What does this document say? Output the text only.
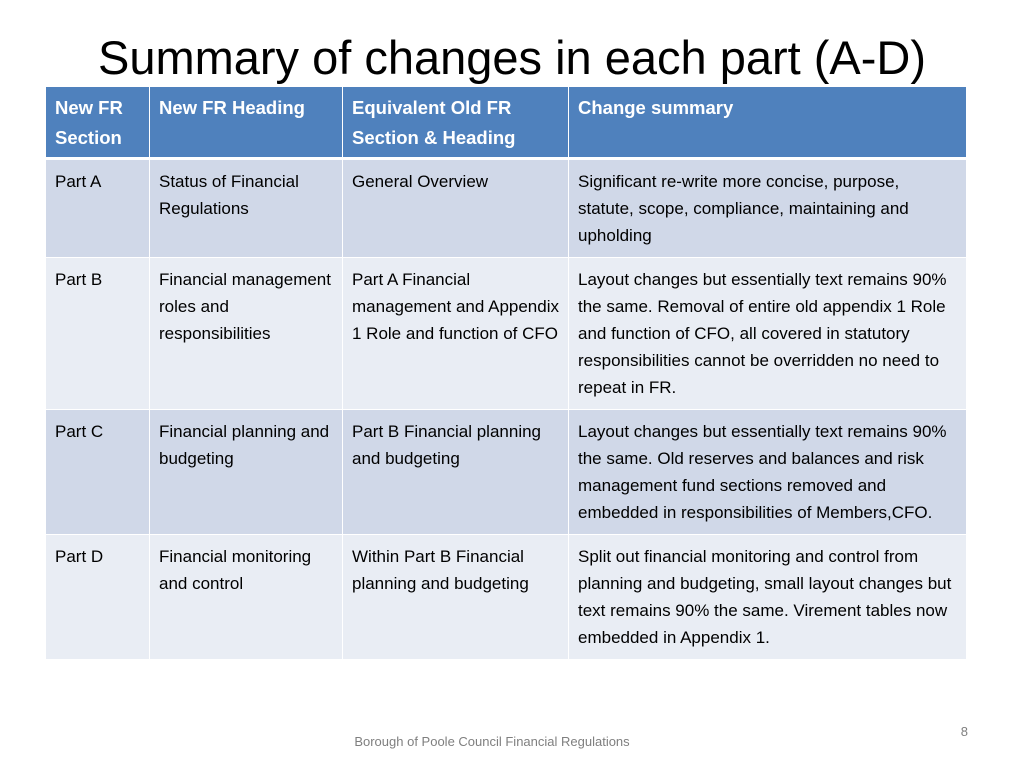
Summary of changes in each part (A-D)
New FR Section	New FR Heading	Equivalent Old FR Section & Heading	Change summary
Part A	Status of Financial Regulations	General Overview	Significant re-write more concise, purpose, statute, scope, compliance, maintaining and upholding
Part B	Financial management roles and responsibilities	Part A Financial management and Appendix 1 Role and function of CFO	Layout changes but essentially text remains 90% the same. Removal of entire old appendix 1 Role and function of CFO, all covered in statutory responsibilities cannot be overridden no need to repeat in FR.
Part C	Financial planning and budgeting	Part B Financial planning and budgeting	Layout changes but essentially text remains 90% the same. Old reserves and balances and risk management fund sections removed and embedded in responsibilities of Members,CFO.
Part D	Financial monitoring and control	Within Part B Financial planning and budgeting	Split out financial monitoring and control from planning and budgeting, small layout changes but text remains 90% the same. Virement tables now embedded in Appendix 1.
Borough of Poole Council Financial Regulations
8
